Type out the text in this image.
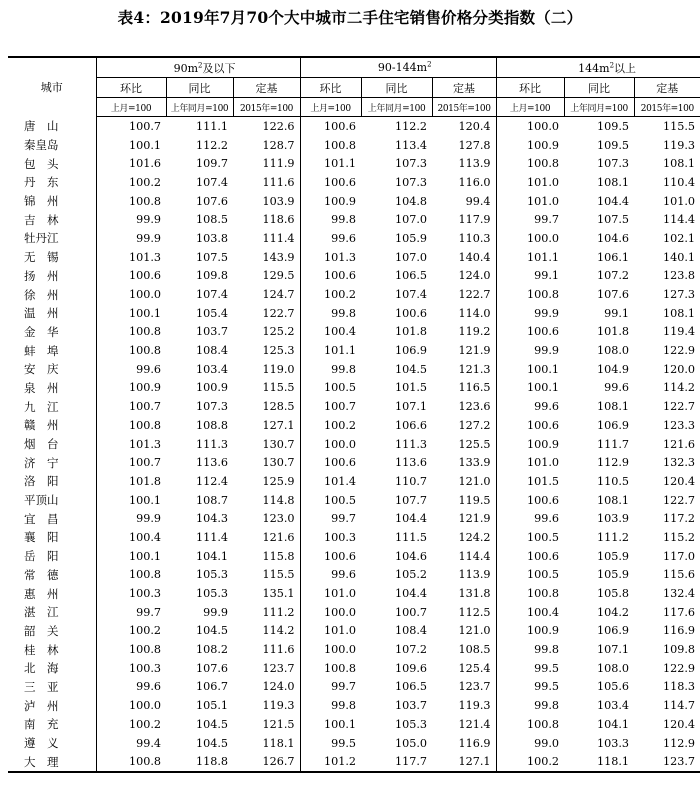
表4：2019年7月70个大中城市二手住宅销售价格分类指数（二）
城市	$90m^2$及以下			$90-144m^2$			$144m^2$以上		
	环比	同比	定基	环比	同比	定基	环比	同比	定基
	上月=100	上年同月=100	2015年=100	上月=100	上年同月=100	2015年=100	上月=100	上年同月=100	2015年=100
唐　山	100.7	111.1	122.6	100.6	112.2	120.4	100.0	109.5	115.5
秦皇岛	100.1	112.2	128.7	100.8	113.4	127.8	100.9	109.5	119.3
包　头	101.6	109.7	111.9	101.1	107.3	113.9	100.8	107.3	108.1
丹　东	100.2	107.4	111.6	100.6	107.3	116.0	101.0	108.1	110.4
锦　州	100.8	107.6	103.9	100.9	104.8	99.4	101.0	104.4	101.0
吉　林	99.9	108.5	118.6	99.8	107.0	117.9	99.7	107.5	114.4
牡丹江	99.9	103.8	111.4	99.6	105.9	110.3	100.0	104.6	102.1
无　锡	101.3	107.5	143.9	101.3	107.0	140.4	101.1	106.1	140.1
扬　州	100.6	109.8	129.5	100.6	106.5	124.0	99.1	107.2	123.8
徐　州	100.0	107.4	124.7	100.2	107.4	122.7	100.8	107.6	127.3
温　州	100.1	105.4	122.7	99.8	100.6	114.0	99.9	99.1	108.1
金　华	100.8	103.7	125.2	100.4	101.8	119.2	100.6	101.8	119.4
蚌　埠	100.8	108.4	125.3	101.1	106.9	121.9	99.9	108.0	122.9
安　庆	99.6	103.4	119.0	99.8	104.5	121.3	100.1	104.9	120.0
泉　州	100.9	100.9	115.5	100.5	101.5	116.5	100.1	99.6	114.2
九　江	100.7	107.3	128.5	100.7	107.1	123.6	99.6	108.1	122.7
赣　州	100.8	108.8	127.1	100.2	106.6	127.2	100.6	106.9	123.3
烟　台	101.3	111.3	130.7	100.0	111.3	125.5	100.9	111.7	121.6
济　宁	100.7	113.6	130.7	100.6	113.6	133.9	101.0	112.9	132.3
洛　阳	101.8	112.4	125.9	101.4	110.7	121.0	101.5	110.5	120.4
平顶山	100.1	108.7	114.8	100.5	107.7	119.5	100.6	108.1	122.7
宜　昌	99.9	104.3	123.0	99.7	104.4	121.9	99.6	103.9	117.2
襄　阳	100.4	111.4	121.6	100.3	111.5	124.2	100.5	111.2	115.2
岳　阳	100.1	104.1	115.8	100.6	104.6	114.4	100.6	105.9	117.0
常　德	100.8	105.3	115.5	99.6	105.2	113.9	100.5	105.9	115.6
惠　州	100.3	105.3	135.1	101.0	104.4	131.8	100.8	105.8	132.4
湛　江	99.7	99.9	111.2	100.0	100.7	112.5	100.4	104.2	117.6
韶　关	100.2	104.5	114.2	101.0	108.4	121.0	100.9	106.9	116.9
桂　林	100.8	108.2	111.6	100.0	107.2	108.5	99.8	107.1	109.8
北　海	100.3	107.6	123.7	100.8	109.6	125.4	99.5	108.0	122.9
三　亚	99.6	106.7	124.0	99.7	106.5	123.7	99.5	105.6	118.3
泸　州	100.0	105.1	119.3	99.8	103.7	119.3	99.8	103.4	114.7
南　充	100.2	104.5	121.5	100.1	105.3	121.4	100.8	104.1	120.4
遵　义	99.4	104.5	118.1	99.5	105.0	116.9	99.0	103.3	112.9
大　理	100.8	118.8	126.7	101.2	117.7	127.1	100.2	118.1	123.7
